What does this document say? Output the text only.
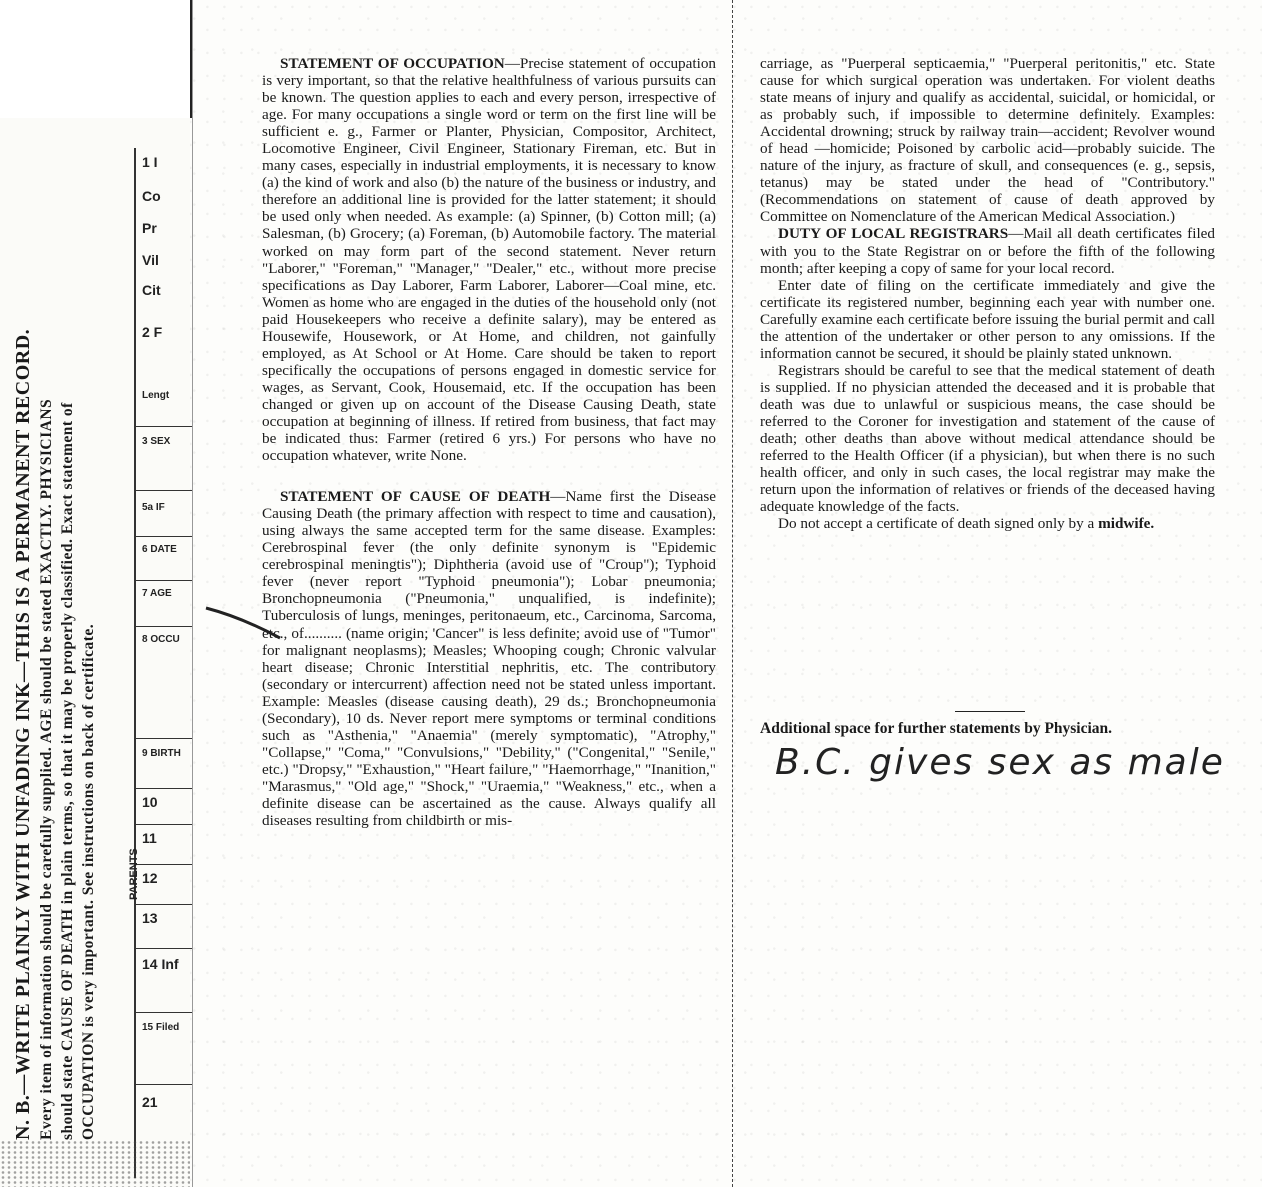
N. B.—WRITE PLAINLY WITH UNFADING INK—THIS IS A PERMANENT RECORD. Every item of information should be carefully supplied. AGE should be stated EXACTLY. PHYSICIANS should state CAUSE OF DEATH in plain terms, so that it may be properly classified. Exact statement of OCCUPATION is very important. See instructions on back of certificate.
1 I
Co
Pr
Vil
Cit
2 F
Lengt
3 SEX
5a IF
6 DATE
7 AGE
8 OCCU
9 BIRTH
10
11
12
13
14 Inf
15 Filed
21
PARENTS

STATEMENT OF OCCUPATION—Precise statement of occupation is very important, so that the relative healthfulness of various pursuits can be known. The question applies to each and every person, irrespective of age. For many occupations a single word or term on the first line will be sufficient e. g., Farmer or Planter, Physician, Compositor, Architect, Locomotive Engineer, Civil Engineer, Stationary Fireman, etc. But in many cases, especially in industrial employments, it is necessary to know (a) the kind of work and also (b) the nature of the business or industry, and therefore an additional line is provided for the latter statement; it should be used only when needed. As example: (a) Spinner, (b) Cotton mill; (a) Salesman, (b) Grocery; (a) Foreman, (b) Automobile factory. The material worked on may form part of the second statement. Never return "Laborer," "Foreman," "Manager," "Dealer," etc., without more precise specifications as Day Laborer, Farm Laborer, Laborer—Coal mine, etc. Women as home who are engaged in the duties of the household only (not paid Housekeepers who receive a definite salary), may be entered as Housewife, Housework, or At Home, and children, not gainfully employed, as At School or At Home. Care should be taken to report specifically the occupations of persons engaged in domestic service for wages, as Servant, Cook, Housemaid, etc. If the occupation has been changed or given up on account of the Disease Causing Death, state occupation at beginning of illness. If retired from business, that fact may be indicated thus: Farmer (retired 6 yrs.) For persons who have no occupation whatever, write None.

STATEMENT OF CAUSE OF DEATH—Name first the Disease Causing Death (the primary affection with respect to time and causation), using always the same accepted term for the same disease. Examples: Cerebrospinal fever (the only definite synonym is "Epidemic cerebrospinal meningtis"); Diphtheria (avoid use of "Croup"); Typhoid fever (never report "Typhoid pneumonia"); Lobar pneumonia; Bronchopneumonia ("Pneumonia," unqualified, is indefinite); Tuberculosis of lungs, meninges, peritonaeum, etc., Carcinoma, Sarcoma, etc., of.......... (name origin; 'Cancer" is less definite; avoid use of "Tumor" for malignant neoplasms); Measles; Whooping cough; Chronic valvular heart disease; Chronic Interstitial nephritis, etc. The contributory (secondary or intercurrent) affection need not be stated unless important. Example: Measles (disease causing death), 29 ds.; Bronchopneumonia (Secondary), 10 ds. Never report mere symptoms or terminal conditions such as "Asthenia," "Anaemia" (merely symptomatic), "Atrophy," "Collapse," "Coma," "Convulsions," "Debility," ("Congenital," "Senile," etc.) "Dropsy," "Exhaustion," "Heart failure," "Haemorrhage," "Inanition," "Marasmus," "Old age," "Shock," "Uraemia," "Weakness," etc., when a definite disease can be ascertained as the cause. Always qualify all diseases resulting from childbirth or mis-

carriage, as "Puerperal septicaemia," "Puerperal peritonitis," etc. State cause for which surgical operation was undertaken. For violent deaths state means of injury and qualify as accidental, suicidal, or homicidal, or as probably such, if impossible to determine definitely. Examples: Accidental drowning; struck by railway train—accident; Revolver wound of head —homicide; Poisoned by carbolic acid—probably suicide. The nature of the injury, as fracture of skull, and consequences (e. g., sepsis, tetanus) may be stated under the head of "Contributory." (Recommendations on statement of cause of death approved by Committee on Nomenclature of the American Medical Association.)

DUTY OF LOCAL REGISTRARS—Mail all death certificates filed with you to the State Registrar on or before the fifth of the following month; after keeping a copy of same for your local record.

Enter date of filing on the certificate immediately and give the certificate its registered number, beginning each year with number one. Carefully examine each certificate before issuing the burial permit and call the attention of the undertaker or other person to any omissions. If the information cannot be secured, it should be plainly stated unknown.

Registrars should be careful to see that the medical statement of death is supplied. If no physician attended the deceased and it is probable that death was due to unlawful or suspicious means, the case should be referred to the Coroner for investigation and statement of the cause of death; other deaths than above without medical attendance should be referred to the Health Officer (if a physician), but when there is no such health officer, and only in such cases, the local registrar may make the return upon the information of relatives or friends of the deceased having adequate knowledge of the facts.

Do not accept a certificate of death signed only by a midwife.

Additional space for further statements by Physician.
B.C. gives sex as male
